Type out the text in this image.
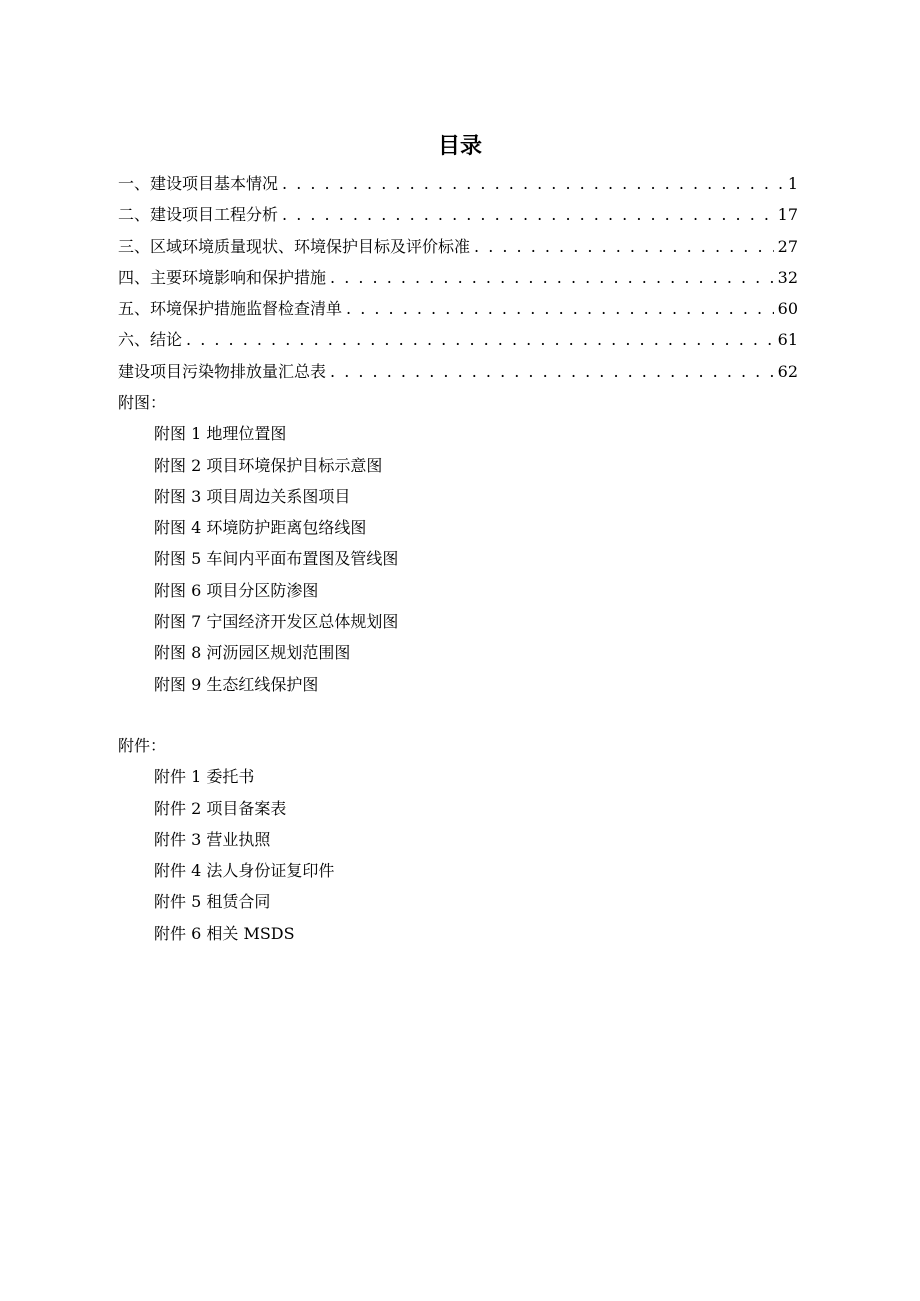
目录
一、建设项目基本情况 . . .	1
二、建设项目工程分析 . . .	17
三、区域环境质量现状、环境保护目标及评价标准 . . .	27
四、主要环境影响和保护措施 . . .	32
五、环境保护措施监督检查清单 . . .	60
六、结论 . . .	61
建设项目污染物排放量汇总表 . . .	62
附图：
附图 1 地理位置图
附图 2 项目环境保护目标示意图
附图 3 项目周边关系图项目
附图 4 环境防护距离包络线图
附图 5 车间内平面布置图及管线图
附图 6 项目分区防渗图
附图 7 宁国经济开发区总体规划图
附图 8 河沥园区规划范围图
附图 9 生态红线保护图
附件：
附件 1 委托书
附件 2 项目备案表
附件 3 营业执照
附件 4 法人身份证复印件
附件 5 租赁合同
附件 6 相关 MSDS
